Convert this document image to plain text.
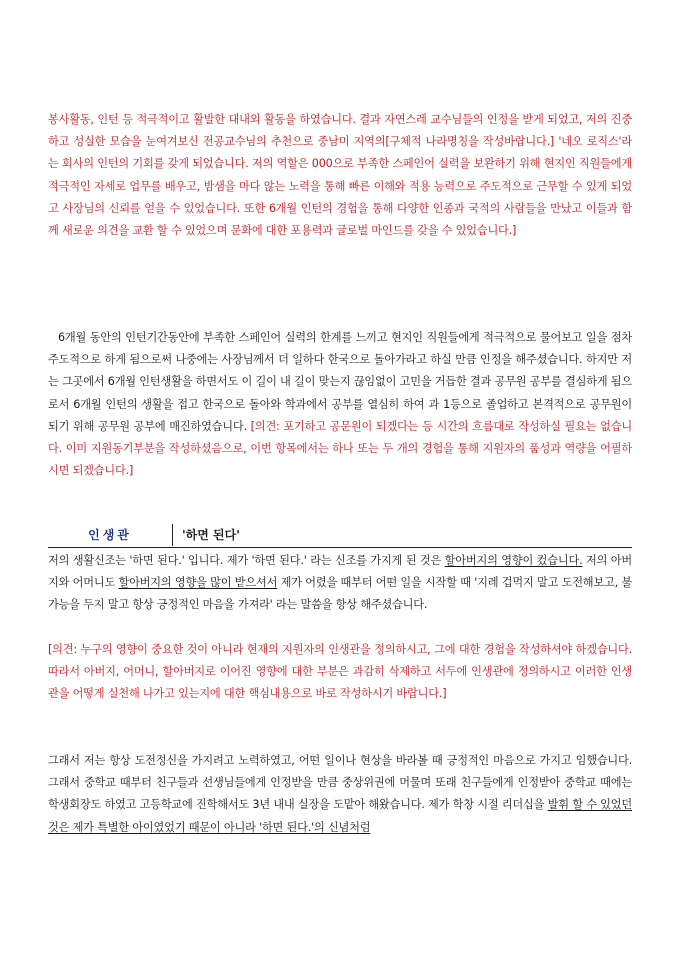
봉사활동, 인턴 등 적극적이고 활발한 대내외 활동을 하였습니다. 결과 자연스레 교수님들의 인정을 받게 되었고, 저의 진중하고 성실한 모습을 눈여겨보신 전공교수님의 추천으로 중남미 지역의[구체적 나라명칭을 작성바랍니다.] '네오 로직스'라는 회사의 인턴의 기회를 갖게 되었습니다. 저의 역할은 000으로 부족한 스페인어 실력을 보완하기 위해 현지인 직원들에게 적극적인 자세로 업무를 배우고, 밤샘을 마다 않는 노력을 통해 빠른 이해와 적용 능력으로 주도적으로 근무할 수 있게 되었고 사장님의 신뢰를 얻을 수 있었습니다. 또한 6개월 인턴의 경험을 통해 다양한 인종과 국적의 사람들을 만났고 이들과 함께 새로운 의견을 교환 할 수 있었으며 문화에 대한 포용력과 글로벌 마인드를 갖을 수 있었습니다.]

6개월 동안의 인턴기간동안에 부족한 스페인어 실력의 한계를 느끼고 현지인 직원들에게 적극적으로 물어보고 일을 점차 주도적으로 하게 됨으로써 나중에는 사장님께서 더 일하다 한국으로 돌아가라고 하실 만큼 인정을 해주셨습니다. 하지만 저는 그곳에서 6개월 인턴생활을 하면서도 이 길이 내 길이 맞는지 끊임없이 고민을 거듭한 결과 공무원 공부를 결심하게 됨으로서 6개월 인턴의 생활을 접고 한국으로 돌아와 학과에서 공부를 열심히 하여 과 1등으로 졸업하고 본격적으로 공무원이 되기 위해 공무원 공부에 매진하였습니다. [의견: 포기하고 공문원이 되겠다는 등 시간의 흐름대로 작성하실 필요는 없습니다. 이미 지원동기부분을 작성하셨음으로, 이번 항목에서는 하나 또는 두 개의 경험을 통해 지원자의 품성과 역량을 어필하시면 되겠습니다.]

인생관	'하면 된다'

저의 생활신조는 '하면 된다.' 입니다. 제가 '하면 된다.' 라는 신조를 가지게 된 것은 할아버지의 영향이 컸습니다. 저의 아버지와 어머니도 할아버지의 영향을 많이 받으셔서 제가 어렸을 때부터 어떤 일을 시작할 때 '지레 겁먹지 말고 도전해보고, 불가능을 두지 말고 항상 긍정적인 마음을 가져라' 라는 말씀을 항상 해주셨습니다.

[의견: 누구의 영향이 중요한 것이 아니라 현재의 지원자의 인생관을 정의하시고, 그에 대한 경험을 작성하셔야 하겠습니다. 따라서 아버지, 어머니, 할아버지로 이어진 영향에 대한 부분은 과감히 삭제하고 서두에 인생관에 정의하시고 이러한 인생관을 어떻게 실천해 나가고 있는지에 대한 핵심내용으로 바로 작성하시기 바랍니다.]

그래서 저는 항상 도전정신을 가지려고 노력하였고, 어떤 일이나 현상을 바라볼 때 긍정적인 마음으로 가지고 임했습니다. 그래서 중학교 때부터 친구들과 선생님들에게 인정받을 만큼 중상위권에 머물며 또래 친구들에게 인정받아 중학교 때에는 학생회장도 하였고 고등학교에 진학해서도 3년 내내 실장을 도맡아 해왔습니다. 제가 학창 시절 리더십을 발휘 할 수 있었던 것은 제가 특별한 아이였었기 때문이 아니라 '하면 된다.'의 신념처럼
